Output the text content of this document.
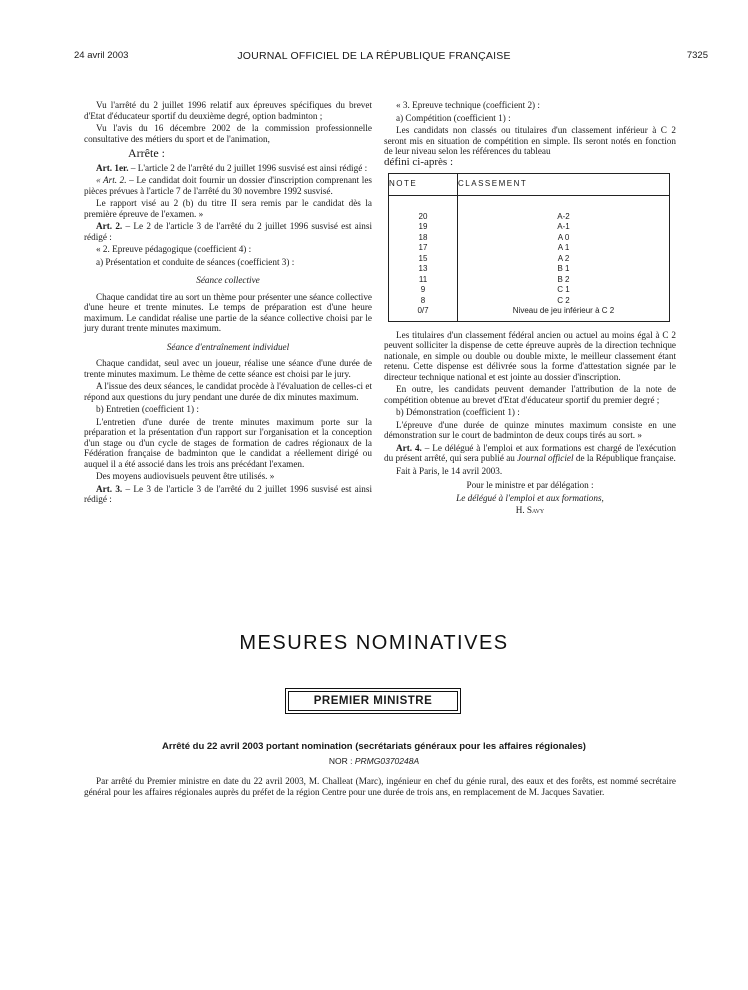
24 avril 2003	JOURNAL OFFICIEL DE LA RÉPUBLIQUE FRANÇAISE	7325

Vu l'arrêté du 2 juillet 1996 relatif aux épreuves spécifiques du brevet d'Etat d'éducateur sportif du deuxième degré, option badminton ;

Vu l'avis du 16 décembre 2002 de la commission professionnelle consultative des métiers du sport et de l'animation,

Arrête :

Art. 1er. – L'article 2 de l'arrêté du 2 juillet 1996 susvisé est ainsi rédigé :

« Art. 2. – Le candidat doit fournir un dossier d'inscription comprenant les pièces prévues à l'article 7 de l'arrêté du 30 novembre 1992 susvisé.

Le rapport visé au 2 (b) du titre II sera remis par le candidat dès la première épreuve de l'examen. »

Art. 2. – Le 2 de l'article 3 de l'arrêté du 2 juillet 1996 susvisé est ainsi rédigé :

« 2. Epreuve pédagogique (coefficient 4) :

a) Présentation et conduite de séances (coefficient 3) :

Séance collective

Chaque candidat tire au sort un thème pour présenter une séance collective d'une heure et trente minutes. Le temps de préparation est d'une heure maximum. Le candidat réalise une partie de la séance collective choisi par le jury durant trente minutes maximum.

Séance d'entraînement individuel

Chaque candidat, seul avec un joueur, réalise une séance d'une durée de trente minutes maximum. Le thème de cette séance est choisi par le jury.

A l'issue des deux séances, le candidat procède à l'évaluation de celles-ci et répond aux questions du jury pendant une durée de dix minutes maximum.

b) Entretien (coefficient 1) :

L'entretien d'une durée de trente minutes maximum porte sur la préparation et la présentation d'un rapport sur l'organisation et la conception d'un stage ou d'un cycle de stages de formation de cadres régionaux de la Fédération française de badminton que le candidat a réellement dirigé ou auquel il a été associé dans les trois ans précédant l'examen.

Des moyens audiovisuels peuvent être utilisés. »

Art. 3. – Le 3 de l'article 3 de l'arrêté du 2 juillet 1996 susvisé est ainsi rédigé :

« 3. Epreuve technique (coefficient 2) :

a) Compétition (coefficient 1) :

Les candidats non classés ou titulaires d'un classement inférieur à C 2 seront mis en situation de compétition en simple. Ils seront notés en fonction de leur niveau selon les références du tableau
défini ci-après :

NOTE	CLASSEMENT
20	A-2
19	A-1
18	A 0
17	A 1
15	A 2
13	B 1
11	B 2
9	C 1
8	C 2
0/7	Niveau de jeu inférieur à C 2

Les titulaires d'un classement fédéral ancien ou actuel au moins égal à C 2 peuvent solliciter la dispense de cette épreuve auprès de la direction technique nationale, en simple ou double ou double mixte, le meilleur classement étant retenu. Cette dispense est délivrée sous la forme d'attestation signée par le directeur technique national et est jointe au dossier d'inscription.

En outre, les candidats peuvent demander l'attribution de la note de compétition obtenue au brevet d'Etat d'éducateur sportif du premier degré ;

b) Démonstration (coefficient 1) :

L'épreuve d'une durée de quinze minutes maximum consiste en une démonstration sur le court de badminton de deux coups tirés au sort. »

Art. 4. – Le délégué à l'emploi et aux formations est chargé de l'exécution du présent arrêté, qui sera publié au Journal officiel de la République française.

Fait à Paris, le 14 avril 2003.

Pour le ministre et par délégation :

Le délégué à l'emploi et aux formations,

H. Savy

MESURES NOMINATIVES
PREMIER MINISTRE
Arrêté du 22 avril 2003 portant nomination (secrétariats généraux pour les affaires régionales)
NOR : PRMG0370248A

Par arrêté du Premier ministre en date du 22 avril 2003, M. Challeat (Marc), ingénieur en chef du génie rural, des eaux et des forêts, est nommé secrétaire général pour les affaires régionales auprès du préfet de la région Centre pour une durée de trois ans, en remplacement de M. Jacques Savatier.
